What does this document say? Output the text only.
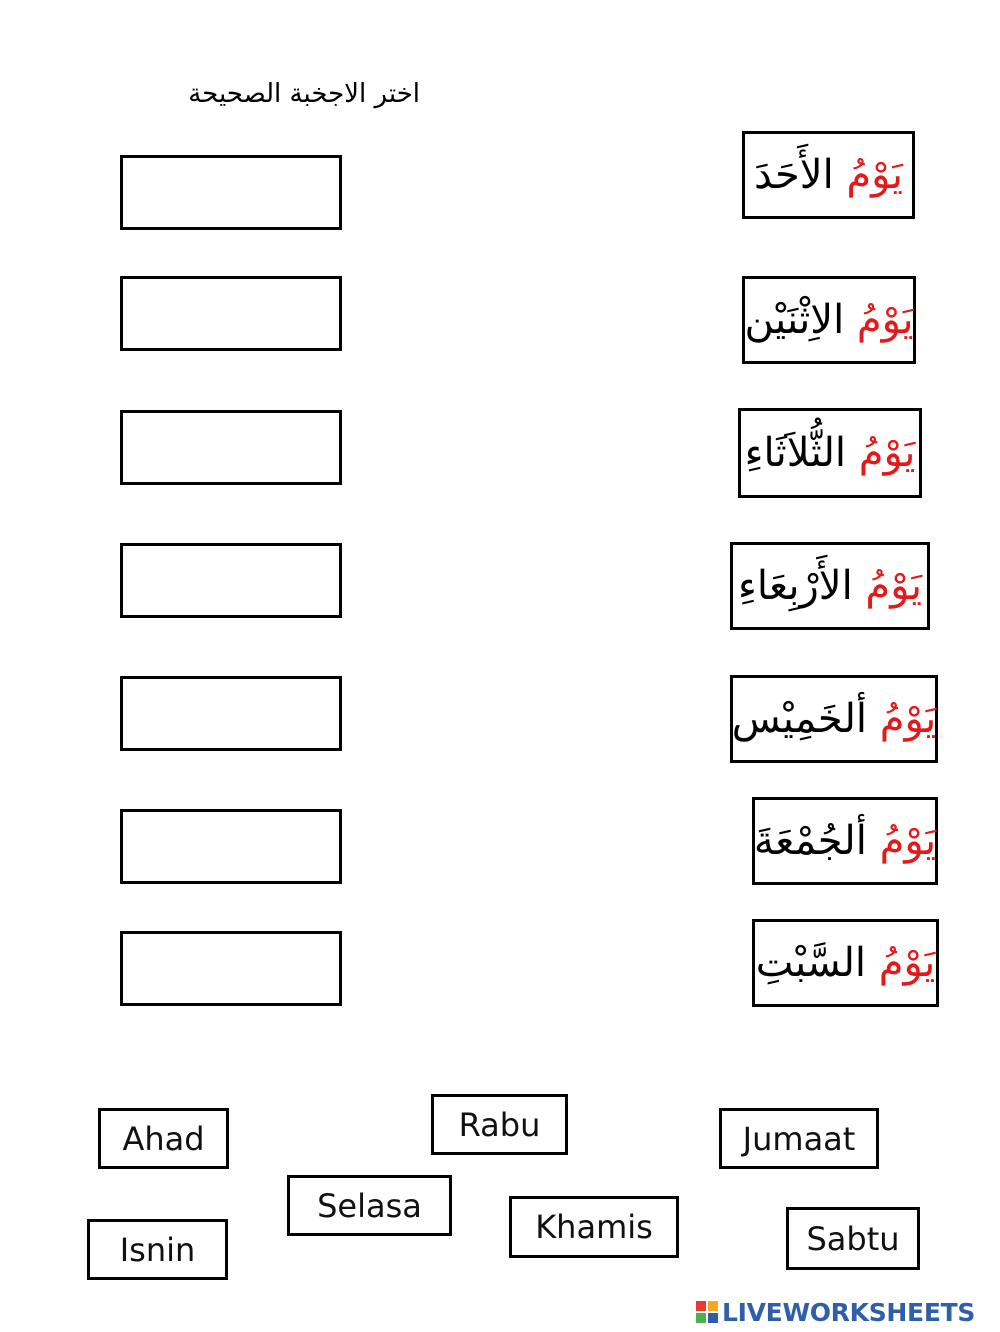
اختر الاجخبة الصحيحة
يَوْمُ

الأَحَدَ
يَوْمُ

الاِثْنَيْن
يَوْمُ

الثُّلاَثَاءِ
يَوْمُ

الأَرْبِعَاءِ
يَوْمُ

ألخَمِيْس
يَوْمُ

ألجُمْعَةَ
يَوْمُ

السَّبْتِ
Ahad	Rabu	Jumaat
Selasa
Khamis
Isnin	Sabtu
LIVEWORKSHEETS
